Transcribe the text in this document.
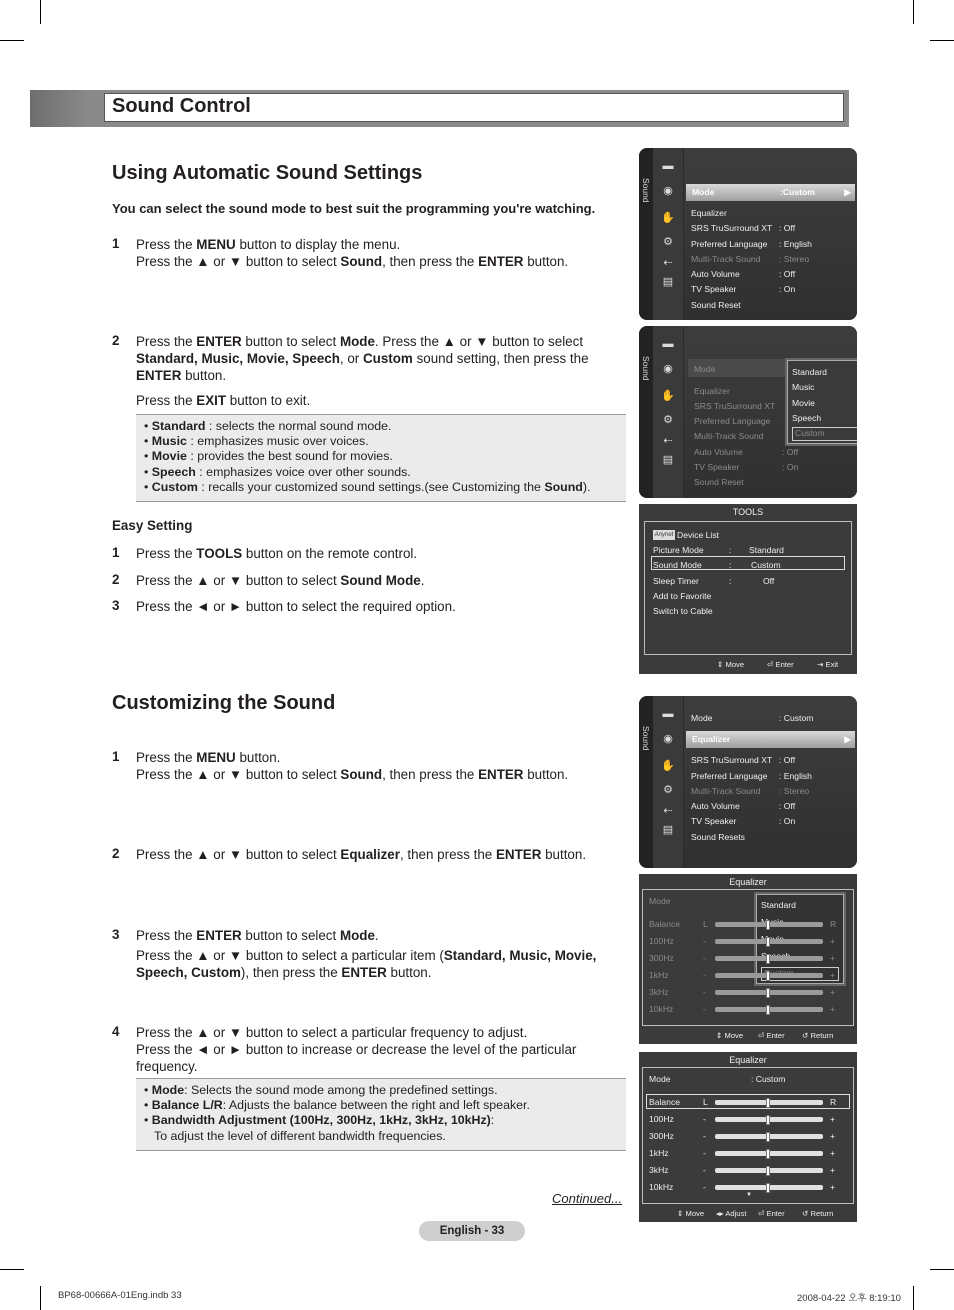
Sound Control
Using Automatic Sound Settings
You can select the sound mode to best suit the programming you're watching.
1 Press the MENU button to display the menu.
Press the ▲ or ▼ button to select Sound, then press the ENTER button.
2 Press the ENTER button to select Mode. Press the ▲ or ▼ button to select
Standard, Music, Movie, Speech, or Custom sound setting, then press the
ENTER button.
Press the EXIT button to exit.
• Standard : selects the normal sound mode.
• Music : emphasizes music over voices.
• Movie : provides the best sound for movies.
• Speech : emphasizes voice over other sounds.
• Custom : recalls your customized sound settings.(see Customizing the Sound).
Easy Setting
1 Press the TOOLS button on the remote control.
2 Press the ▲ or ▼ button to select Sound Mode.
3 Press the ◄ or ► button to select the required option.
Customizing the Sound
1 Press the MENU button.
Press the ▲ or ▼ button to select Sound, then press the ENTER button.
2 Press the ▲ or ▼ button to select Equalizer, then press the ENTER button.
3 Press the ENTER button to select Mode.
Press the ▲ or ▼ button to select a particular item (Standard, Music, Movie,
Speech, Custom), then press the ENTER button.
4 Press the ▲ or ▼ button to select a particular frequency to adjust.
Press the ◄ or ► button to increase or decrease the level of the particular
frequency.
• Mode: Selects the sound mode among the predefined settings.
• Balance L/R: Adjusts the balance between the right and left speaker.
• Bandwidth Adjustment (100Hz, 300Hz, 1kHz, 3kHz, 10kHz):
To adjust the level of different bandwidth frequencies.
Continued...
Sound
▬
◉
✋
⚙
⇠
▤
Mode	:Custom	▶
Equalizer
SRS TruSurround XT : Off
Preferred Language : English
Multi-Track Sound : Stereo
Auto Volume	: Off
TV Speaker	: On
Sound Reset
Sound
▬
◉
✋
⚙
⇠
▤
Mode
Equalizer
SRS TruSurround XT
Preferred Language
Multi-Track Sound
Auto Volume
TV Speaker
Sound Reset
: Off
: On
Standard
Music
Movie
Speech
Custom
TOOLS
Anynet Device List
Picture Mode	: Standard
Sound Mode	: Custom
Sleep Timer	:	Off
Add to Favorite
Switch to Cable
⇕ Move	⏎ Enter	⇥ Exit
Sound
▬
◉
✋
⚙
⇠
▤
Mode	: Custom
Equalizer	▶
SRS TruSurround XT : Off
Preferred Language : English
Multi-Track Sound : Stereo
Auto Volume	: Off
TV Speaker	: On
Sound Resets
Equalizer
Mode	Standard
⇕ Move ⏎ Enter ↺ Return
Balance	L	R
100Hz	-	+
300Hz	-	+
1kHz	-	+
3kHz	-	+
10kHz	-	+
Equalizer
Mode	: Custom
▼
⇕ Move ◂▸ Adjust ⏎ Enter ↺ Return
Balance	L	R
100Hz	-	+
300Hz	-	+
1kHz	-	+
3kHz	-	+
10kHz	-	+
English - 33
BP68-00666A-01Eng.indb 33	2008-04-22 오후 8:19:10
